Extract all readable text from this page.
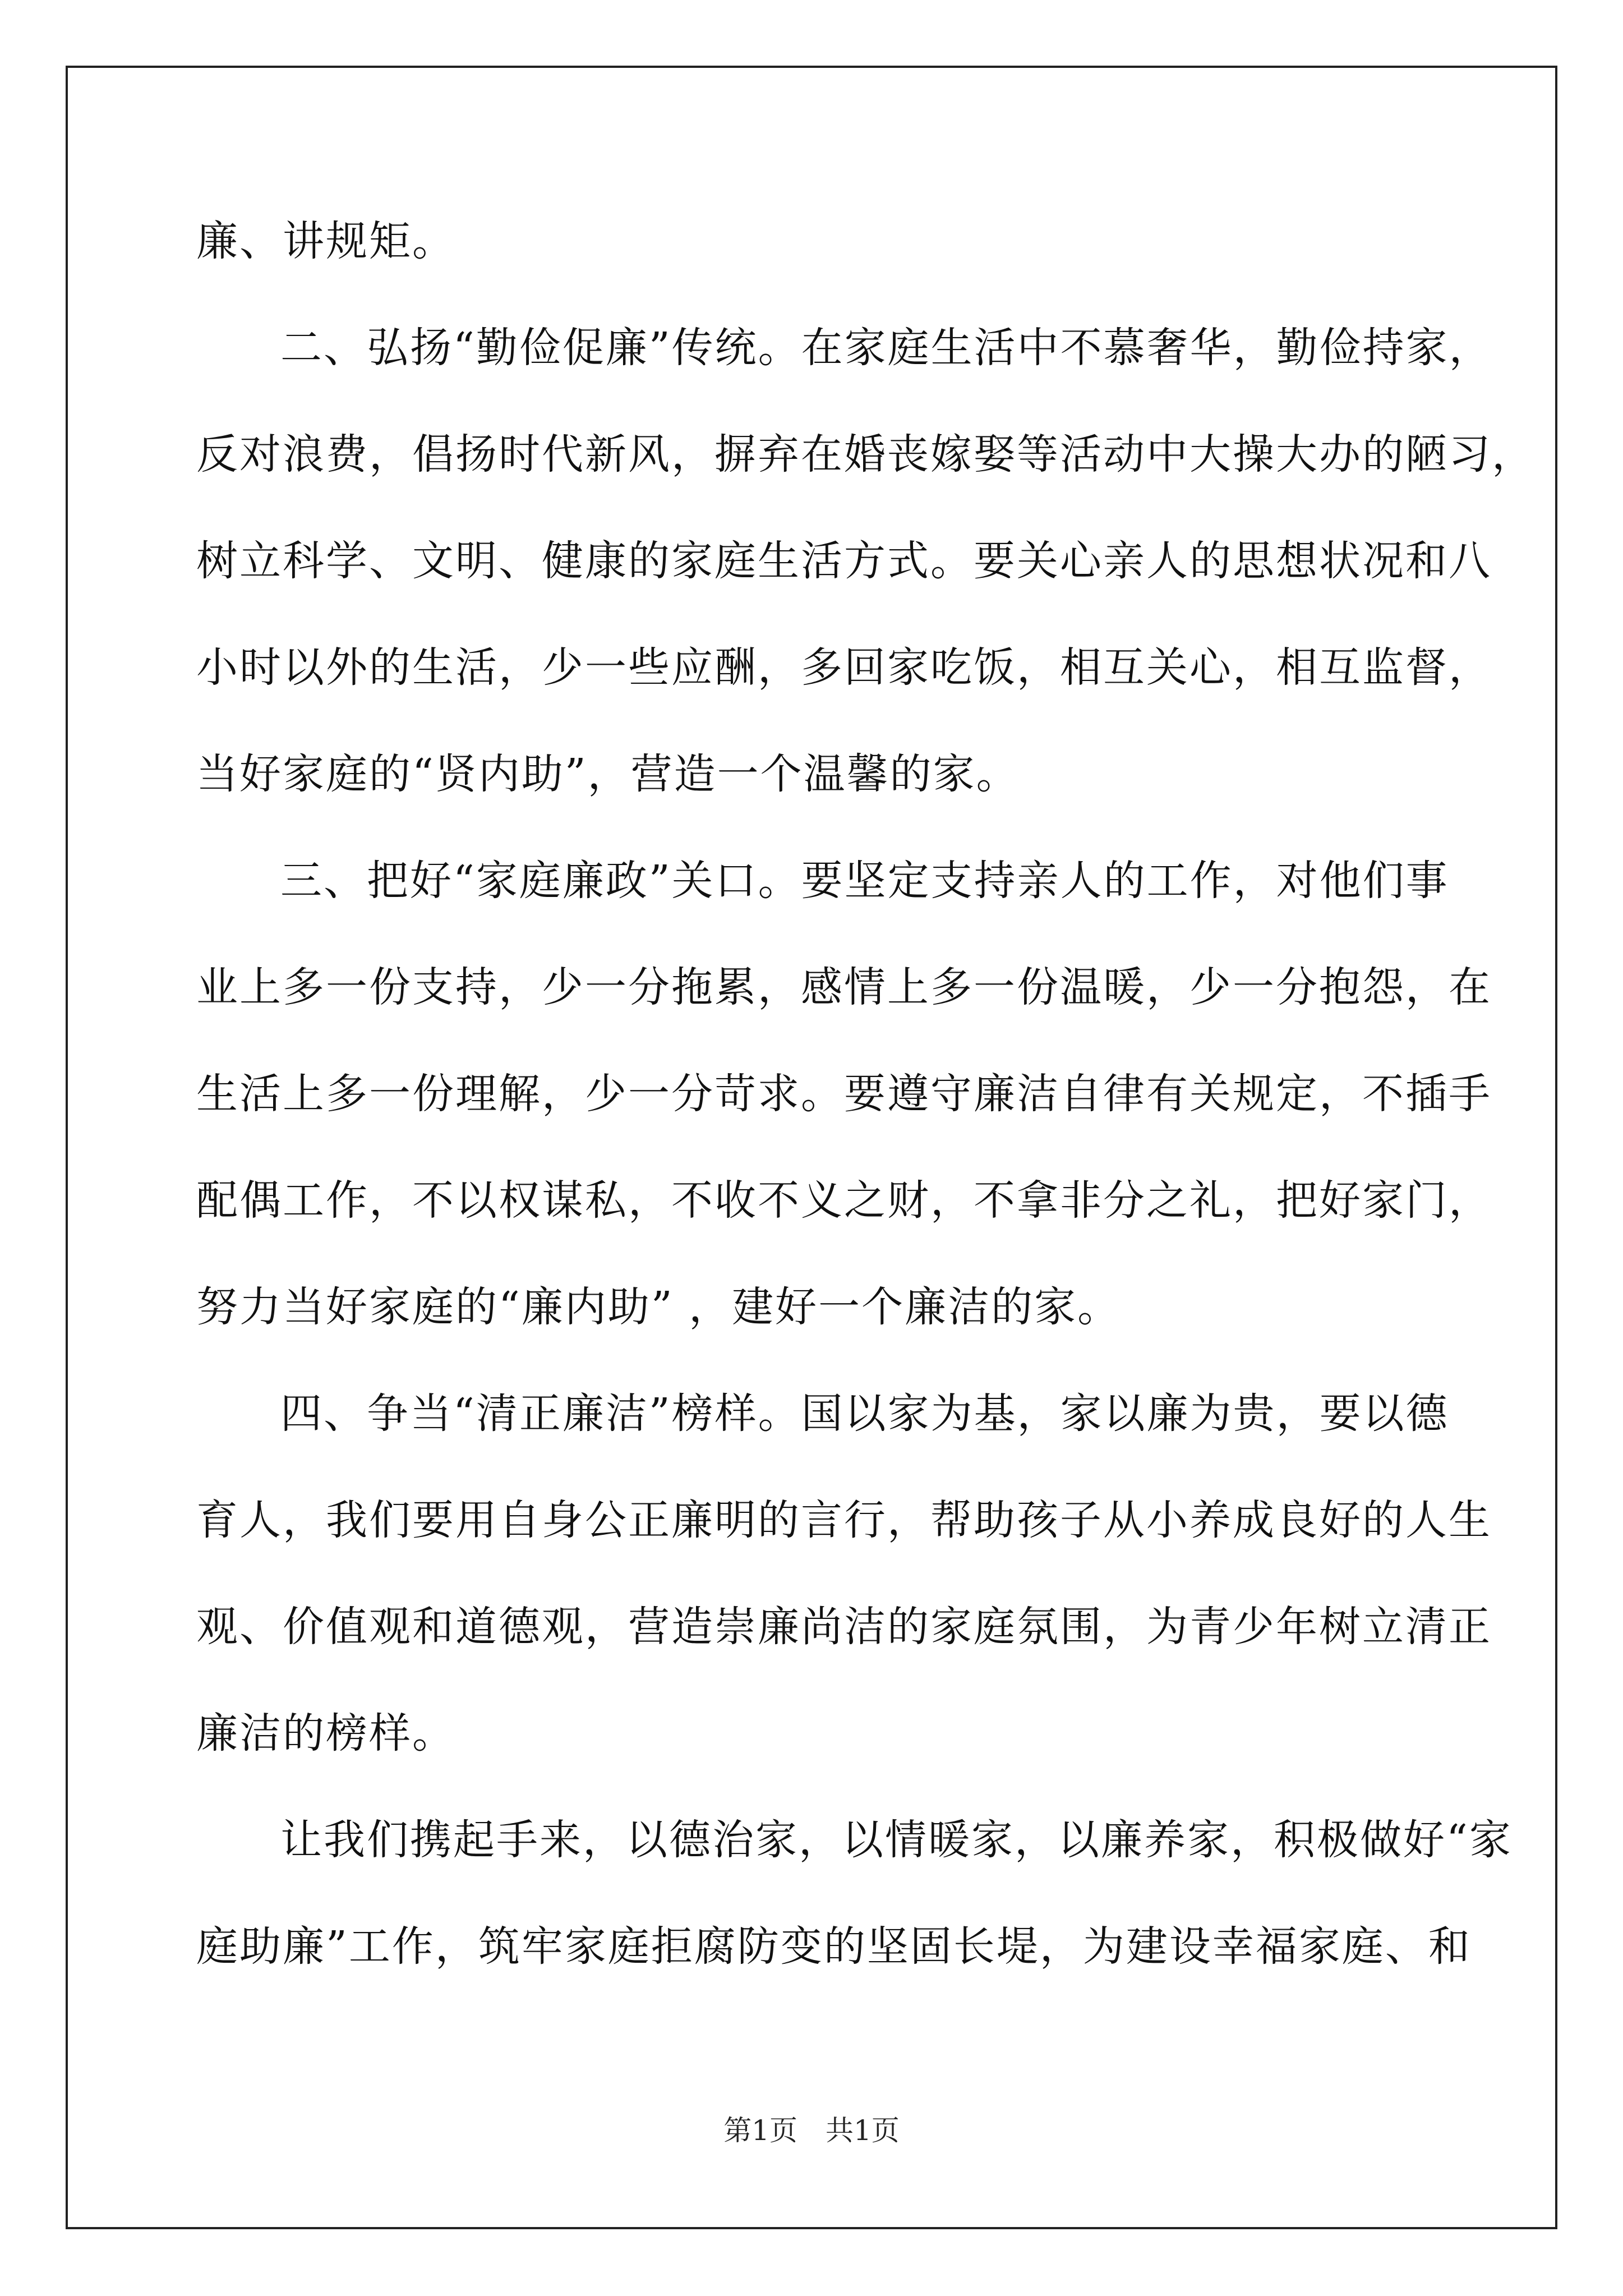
廉、讲规矩。
二、弘扬“勤俭促廉”传统。在家庭生活中不慕奢华，勤俭持家，
反对浪费，倡扬时代新风，摒弃在婚丧嫁娶等活动中大操大办的陋习，
树立科学、文明、健康的家庭生活方式。要关心亲人的思想状况和八
小时以外的生活，少一些应酬，多回家吃饭，相互关心，相互监督，
当好家庭的“贤内助”，营造一个温馨的家。
三、把好“家庭廉政”关口。要坚定支持亲人的工作，对他们事
业上多一份支持，少一分拖累，感情上多一份温暖，少一分抱怨，在
生活上多一份理解，少一分苛求。要遵守廉洁自律有关规定，不插手
配偶工作，不以权谋私，不收不义之财，不拿非分之礼，把好家门，
努力当好家庭的“廉内助” ，建好一个廉洁的家。
四、争当“清正廉洁”榜样。国以家为基，家以廉为贵，要以德
育人，我们要用自身公正廉明的言行，帮助孩子从小养成良好的人生
观、价值观和道德观，营造崇廉尚洁的家庭氛围，为青少年树立清正
廉洁的榜样。
让我们携起手来，以德治家，以情暖家，以廉养家，积极做好“家
庭助廉”工作，筑牢家庭拒腐防变的坚固长堤，为建设幸福家庭、和
第1页　共1页
